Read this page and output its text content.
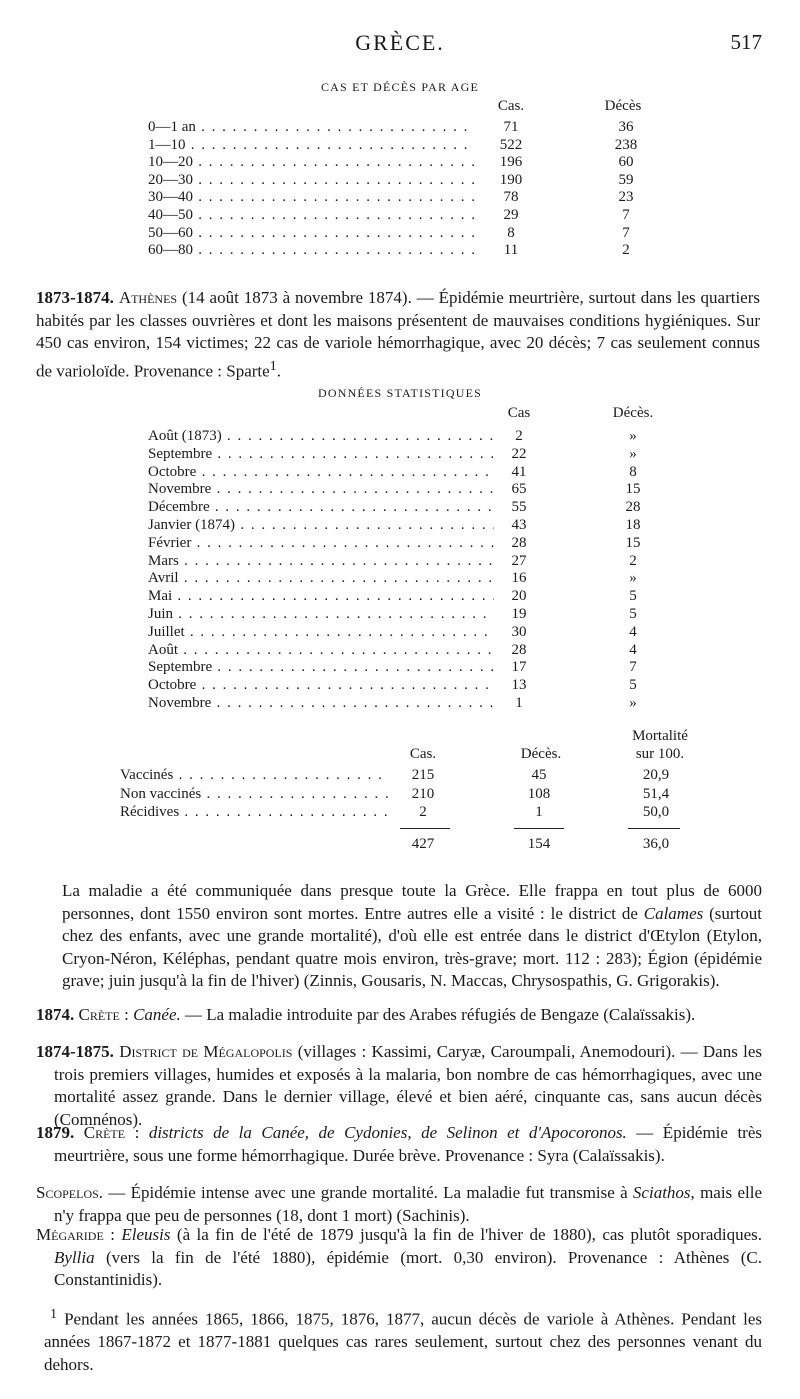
GRÈCE.	517
CAS ET DÉCÈS PAR AGE
Cas.	Décès
0—1 an . . .	71	36
1—10 . . .	522	238
10—20 . . .	196	60
20—30 . . .	190	59
30—40 . . .	78	23
40—50 . . .	29	7
50—60 . . .	8	7
60—80 . . .	11	2

1873-1874. Athènes (14 août 1873 à novembre 1874). — Épidémie meurtrière, surtout dans les quartiers habités par les classes ouvrières et dont les maisons présentent de mauvaises conditions hygiéniques. Sur 450 cas environ, 154 victimes; 22 cas de variole hémorrhagique, avec 20 décès; 7 cas seulement connus de varioloïde. Provenance : Sparte$^1$.

DONNÉES STATISTIQUES
Cas	Décès.
Août (1873) . . .	2	»
Septembre . . .	22	»
Octobre . . .	41	8
Novembre . . .	65	15
Décembre . . .	55	28
Janvier (1874) . . .	43	18
Février . . .	28	15
Mars . . .	27	2
Avril . . .	16	»
Mai . . .	20	5
Juin . . .	19	5
Juillet . . .	30	4
Août . . .	28	4
Septembre . . .	17	7
Octobre . . .	13	5
Novembre . . .	1	»
Mortalité
Cas.	Décès.	sur 100.
Vaccinés . . .	215	45	20,9
Non vaccinés . . .	210	108	51,4
Récidives . . .	2	1	50,0
427	154	36,0

La maladie a été communiquée dans presque toute la Grèce. Elle frappa en tout plus de 6000 personnes, dont 1550 environ sont mortes. Entre autres elle a visité : le district de Calames (surtout chez des enfants, avec une grande mortalité), d'où elle est entrée dans le district d'Œtylon (Etylon, Cryon-Néron, Kéléphas, pendant quatre mois environ, très-grave; mort. 112 : 283); Égion (épidémie grave; juin jusqu'à la fin de l'hiver) (Zinnis, Gousaris, N. Maccas, Chrysospathis, G. Grigorakis).

1874. Crète : Canée. — La maladie introduite par des Arabes réfugiés de Bengaze (Calaïssakis).

1874-1875. District de Mégalopolis (villages : Kassimi, Caryæ, Caroumpali, Anemodouri). — Dans les trois premiers villages, humides et exposés à la malaria, bon nombre de cas hémorrhagiques, avec une mortalité assez grande. Dans le dernier village, élevé et bien aéré, cinquante cas, sans aucun décès (Comnénos).

1879. Crète : districts de la Canée, de Cydonies, de Selinon et d'Apocoronos. — Épidémie très meurtrière, sous une forme hémorrhagique. Durée brève. Provenance : Syra (Calaïssakis).

Scopelos. — Épidémie intense avec une grande mortalité. La maladie fut transmise à Sciathos, mais elle n'y frappa que peu de personnes (18, dont 1 mort) (Sachinis).

Mégaride : Eleusis (à la fin de l'été de 1879 jusqu'à la fin de l'hiver de 1880), cas plutôt sporadiques. Byllia (vers la fin de l'été 1880), épidémie (mort. 0,30 environ). Provenance : Athènes (C. Constantinidis).

$^1$ Pendant les années 1865, 1866, 1875, 1876, 1877, aucun décès de variole à Athènes. Pendant les années 1867-1872 et 1877-1881 quelques cas rares seulement, surtout chez des personnes venant du dehors.
